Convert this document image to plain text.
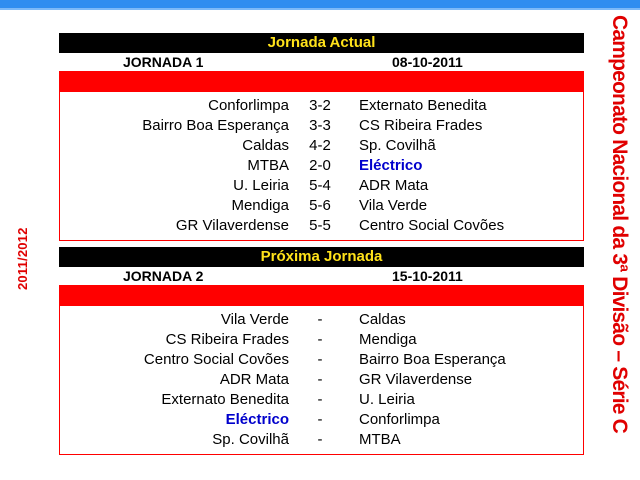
2011/2012	Campeonato Nacional da 3ª Divisão – Série C
Jornada Actual
JORNADA 1	08-10-2011
Conforlimpa	3-2	Externato Benedita
Bairro Boa Esperança	3-3	CS Ribeira Frades
Caldas	4-2	Sp. Covilhã
MTBA	2-0	Eléctrico
U. Leiria	5-4	ADR Mata
Mendiga	5-6	Vila Verde
GR Vilaverdense	5-5	Centro Social Covões
Próxima Jornada
JORNADA 2	15-10-2011
Vila Verde	-	Caldas
CS Ribeira Frades	-	Mendiga
Centro Social Covões	-	Bairro Boa Esperança
ADR Mata	-	GR Vilaverdense
Externato Benedita	-	U. Leiria
Eléctrico	-	Conforlimpa
Sp. Covilhã	-	MTBA
